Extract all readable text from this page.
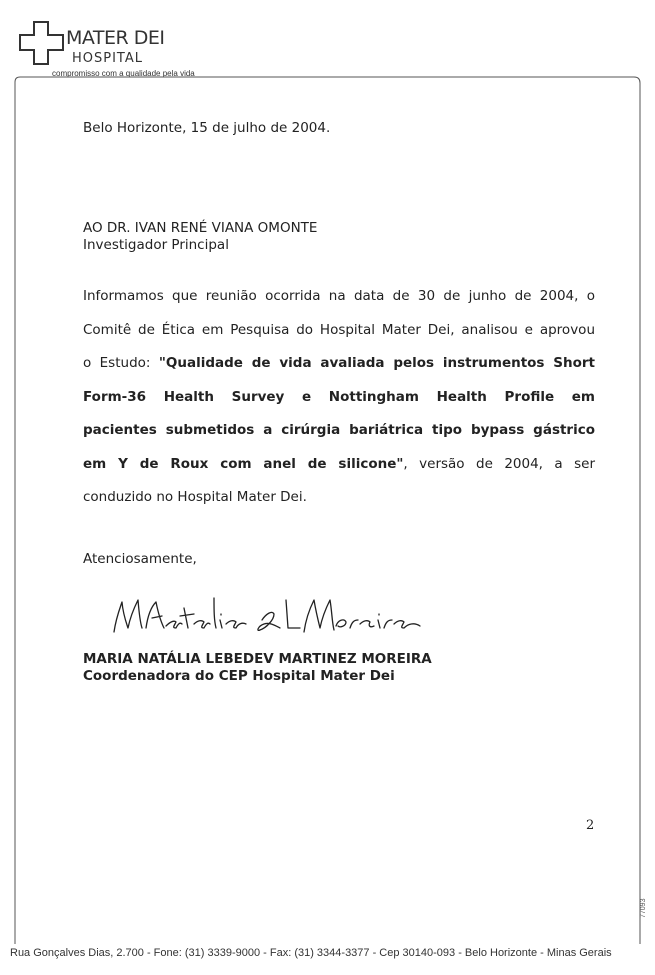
MATER DEI
HOSPITAL
compromisso com a qualidade pela vida
Belo Horizonte, 15 de julho de 2004.
AO DR. IVAN RENÉ VIANA OMONTE
Investigador Principal
Informamos que reunião ocorrida na data de 30 de junho de 2004, o
Comitê de Ética em Pesquisa do Hospital Mater Dei, analisou e aprovou
o Estudo: "Qualidade de vida avaliada pelos instrumentos Short
Form-36 Health Survey e Nottingham Health Profile em
pacientes submetidos a cirúrgia bariátrica tipo bypass gástrico
em Y de Roux com anel de silicone", versão de 2004, a ser
conduzido no Hospital Mater Dei.
Atenciosamente,
MARIA NATÁLIA LEBEDEV MARTINEZ MOREIRA
Coordenadora do CEP Hospital Mater Dei
2
77093
Rua Gonçalves Dias, 2.700 - Fone: (31) 3339-9000 - Fax: (31) 3344-3377 - Cep 30140-093 - Belo Horizonte - Minas Gerais
